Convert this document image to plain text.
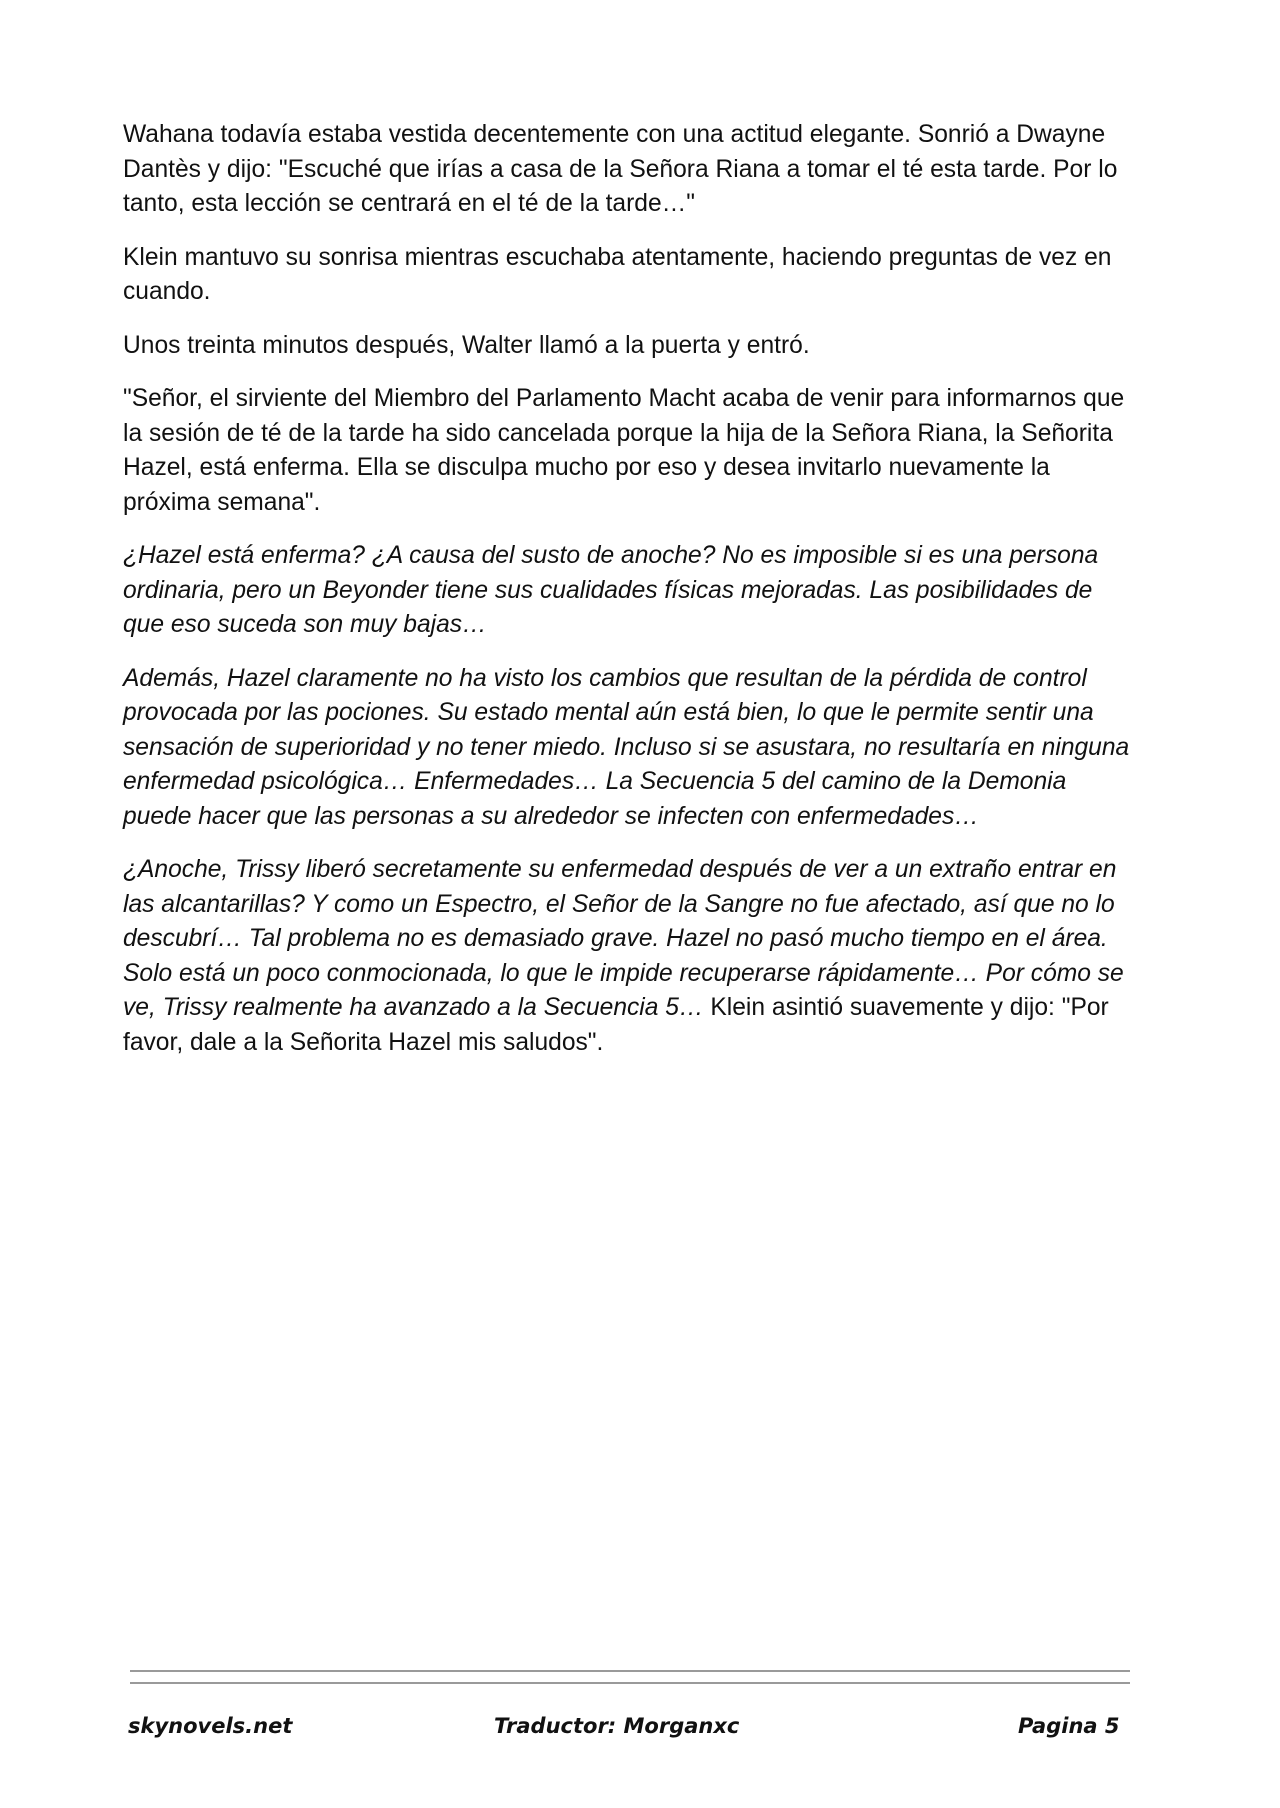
Wahana todavía estaba vestida decentemente con una actitud elegante. Sonrió a Dwayne Dantès y dijo: "Escuché que irías a casa de la Señora Riana a tomar el té esta tarde. Por lo tanto, esta lección se centrará en el té de la tarde…"

Klein mantuvo su sonrisa mientras escuchaba atentamente, haciendo preguntas de vez en cuando.

Unos treinta minutos después, Walter llamó a la puerta y entró.

"Señor, el sirviente del Miembro del Parlamento Macht acaba de venir para informarnos que la sesión de té de la tarde ha sido cancelada porque la hija de la Señora Riana, la Señorita Hazel, está enferma. Ella se disculpa mucho por eso y desea invitarlo nuevamente la próxima semana".

¿Hazel está enferma? ¿A causa del susto de anoche? No es imposible si es una persona ordinaria, pero un Beyonder tiene sus cualidades físicas mejoradas. Las posibilidades de que eso suceda son muy bajas…

Además, Hazel claramente no ha visto los cambios que resultan de la pérdida de control provocada por las pociones. Su estado mental aún está bien, lo que le permite sentir una sensación de superioridad y no tener miedo. Incluso si se asustara, no resultaría en ninguna enfermedad psicológica… Enfermedades… La Secuencia 5 del camino de la Demonia puede hacer que las personas a su alrededor se infecten con enfermedades…

¿Anoche, Trissy liberó secretamente su enfermedad después de ver a un extraño entrar en las alcantarillas? Y como un Espectro, el Señor de la Sangre no fue afectado, así que no lo descubrí… Tal problema no es demasiado grave. Hazel no pasó mucho tiempo en el área. Solo está un poco conmocionada, lo que le impide recuperarse rápidamente… Por cómo se ve, Trissy realmente ha avanzado a la Secuencia 5… Klein asintió suavemente y dijo: "Por favor, dale a la Señorita Hazel mis saludos".

skynovels.net	Traductor: Morganxc	Pagina 5
